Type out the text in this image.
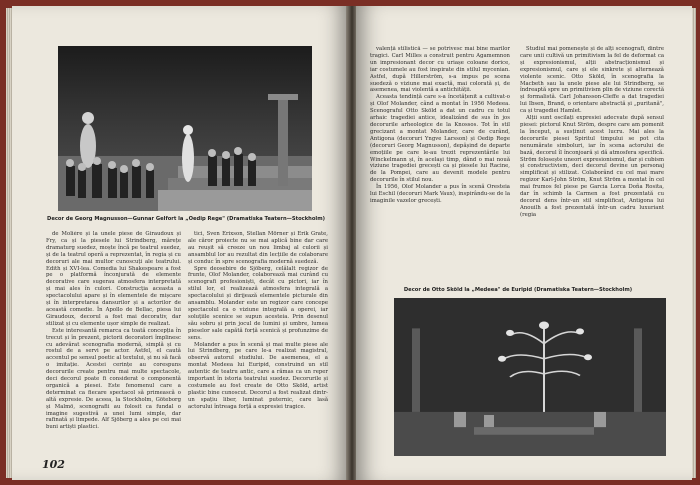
Decor de Georg Magnusson—Gunnar Gelfort la „Oedip Rege" (Dramatiska Teatern—Stockholm)

de Molière și la unele piese de Giraudoux și Fry, ca și la piesele lui Strindberg, mărețe dramaturg suedez, moște încă pe teatrul suedez, și de la teatrul operă a reprezentat, în regia și cu decoruri ale mai multor cunoscuți ale teatrului. Edith și XVI-lea. Comedia lui Shakespeare a fost pe o platformă înconjurată de elemente decorative care sugerau atmosfera interpretată și mai ales în culori. Construcția aceasta a spectacolului apare și în elementele de mișcare și în interpretarea dansurilor și a actorilor de această comedie. În Apollo de Bellac, piesa lui Giraudoux, decorul a fost mai decorativ, dar stilizat și cu elemente ușor simple de realizat.

Este interesantă remarca ca toată concepția în trecut și în prezent, pictorii decoratori împlinesc cu adevărat scenografia modernă, simplă și cu rostul de a servi pe actor. Astfel, el caută accentul pe sensul poetic al textului, și nu să facă o imitație. Acestei cerințe au corespuns decorurile create pentru mai multe spectacole, deci decorul poate fi considerat o componentă organică a piesei. Este fenomenul care a determinat ca fiecare spectacol să primească o altă expresie. De aceea, la Stockholm, Göteborg și Malmö, scenografii au folosit ca fundal o imagine sugestivă a unei lumi simple, dar rafinată și limpede. Alf Sjöberg a ales pe cei mai buni artiști plastici.

tici, Sven Erixson, Stellan Mörner și Erik Grate, ale căror proiecte nu se mai aplică bine dar care au reușit să creeze un nou limbaj al culorii și ansamblul lor au rezultat din lecțiile de colaborare și conduc în spre scenografia modernă suedeză.

Spre deosebire de Sjöberg, celălalt regizor de frunte, Olof Molander, colaborează mai curând cu scenografi profesioniști, decât cu pictori, iar în stilul lor, el realizează atmosfera integrală a spectacolului și dirijează elementele picturale din ansamblu. Molander este un regizor care concepe spectacolul ca o viziune integrală a operei, iar soluțiile scenice se supun acesteia. Prin desenul său sobru și prin jocul de lumini și umbre, lumea pieselor sale capătă forță scenică și profunzime de sens.

Molander a pus în scenă și mai multe piese ale lui Strindberg, pe care le-a realizat magistral, observă autorul studiului. De asemenea, el a montat Medeea lui Euripid, construind un stil autentic de teatru antic, care a rămas ca un reper important în istoria teatrului suedez. Decorurile și costumele au fost create de Otto Sköld, artist plastic bine cunoscut. Decorul a fost realizat dintr-un spațiu liber, luminat puternic, care lasă actorului întreaga forță a expresiei tragice.

102

valență stilistică — se potrivesc mai bine marilor tragici. Carl Milles a construit pentru Agamemnon un impresionant decor cu uriașe coloane dorice, iar costumele au fost inspirate din stilul mycenian. Astfel, după Hillerström, s-a impus pe scena suedeză o viziune mai exactă, mai colorată și, de asemenea, mai violentă a antichității.

Aceasta tendință care s-a încetățenit a cultivat-o și Olof Molander, când a montat în 1956 Medeea. Scenograful Otto Sköld a dat un cadru cu totul arhaic tragediei antice, idealizând de sus în jos decorurile arheologice de la Knossos. Tot în stil grecizant a montat Molander, care de curând, Antigona (decoruri Yngve Larsson) și Oedip Rege (decoruri Georg Magnusson), depășind de departe emoțiile pe care le-au trezit reprezentările lui Winckelmann și, în același timp, dând o mai nouă viziune tragediei grecești ca și piesele lui Racine, de la Pompei, care au devenit modele pentru decorurile în stilul nou.

În 1956, Olof Molander a pus în scenă Oresteia lui Eschil (decoruri Mark Vaux), inspirându-se de la imaginile vazelor grecești.

Studiul mai pomenește și de alți scenografi, dintre care unii cultivă un primitivism la fel de deformat ca și expresionismul, alții abstracționismul și expresionismul, care și ele sinkrete și alternează violente scenic. Otto Sköld, în scenografia la Macbeth sau la unele piese ale lui Strindberg, se îndreaptă spre un primitivism plin de viziune corectă și formalistă. Carl Johansson-Cleffe a dat tragediei lui Ibsen, Brand, o orientare abstractă și „puritană", ca și tragediei Hamlet.

Alții sunt oscilați expresiei adecvate după sensul piesei: pictorul Knut Ström, despre care am pomenit la început, a susținut acest lucru. Mai ales la decorurile piesei Spiritul timpului se pot cita nenumărate simboluri, iar în scena actorului de bază, decorul îl înconjoară și dă atmosfera specifică. Ström folosește uneori expresionismul, dar și cubism și constructivism, deci decorul devine un personaj simplificat și stilizat. Colaborând cu cel mai mare regizor Karl-John Ström, Knut Ström a montat în cel mai frumos fel piese pe Garcia Lorca Doña Rosita, dar în schimb la Carmen a fost prezentată cu decorul dens într-un stil simplificat, Antigona lui Anouilh a fost prezentată într-un cadru luxuriant (regia

Decor de Otto Sköld la „Medeea" de Euripid (Dramatiska Teatern—Stockholm)
